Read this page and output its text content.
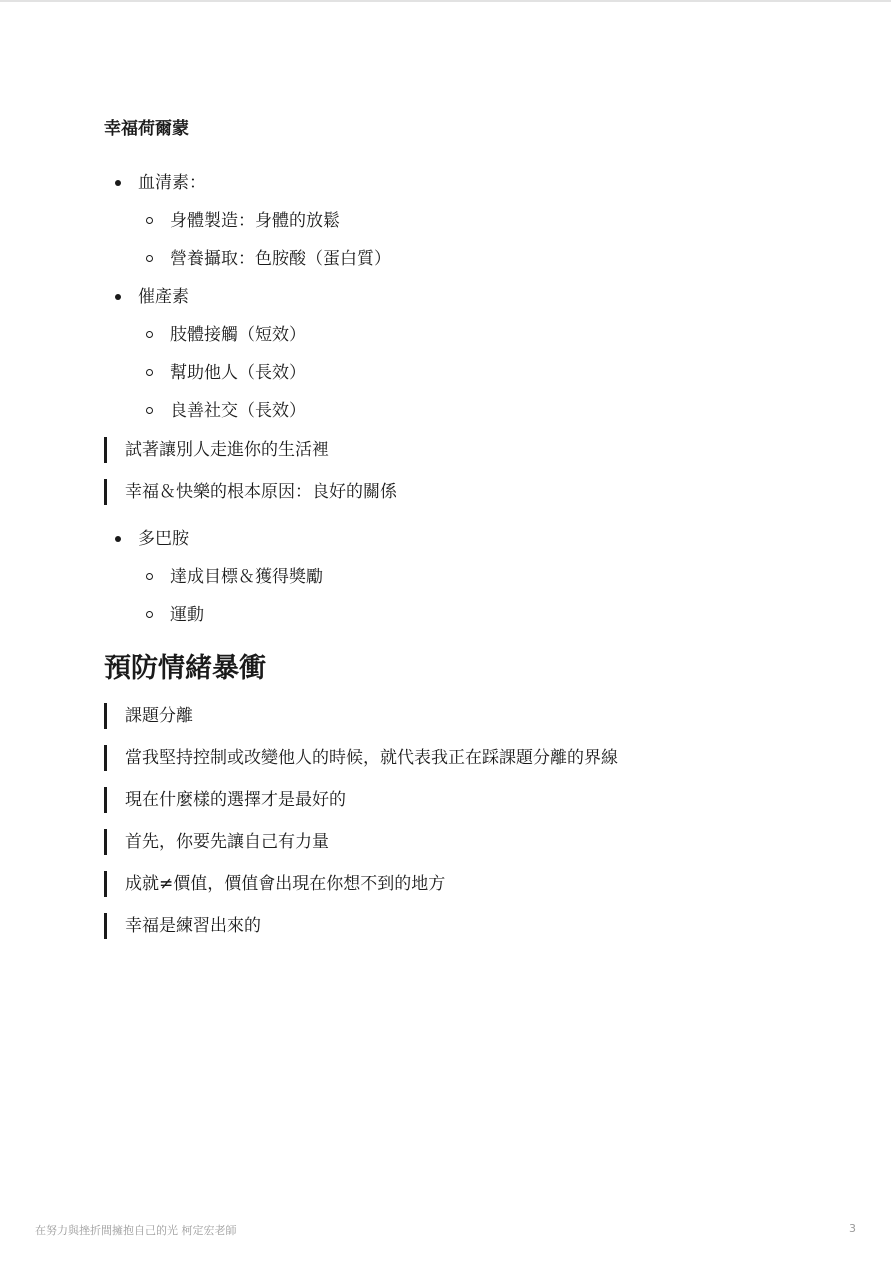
幸福荷爾蒙
血清素：
身體製造：身體的放鬆
營養攝取：色胺酸（蛋白質）
催產素
肢體接觸（短效）
幫助他人（長效）
良善社交（長效）
試著讓別人走進你的生活裡
幸福＆快樂的根本原因：良好的關係
多巴胺
達成目標＆獲得獎勵
運動
預防情緒暴衝
課題分離
當我堅持控制或改變他人的時候，就代表我正在踩課題分離的界線
現在什麼樣的選擇才是最好的
首先，你要先讓自己有力量
成就≠價值，價值會出現在你想不到的地方
幸福是練習出來的
在努力與挫折間擁抱自己的光 柯定宏老師	3
